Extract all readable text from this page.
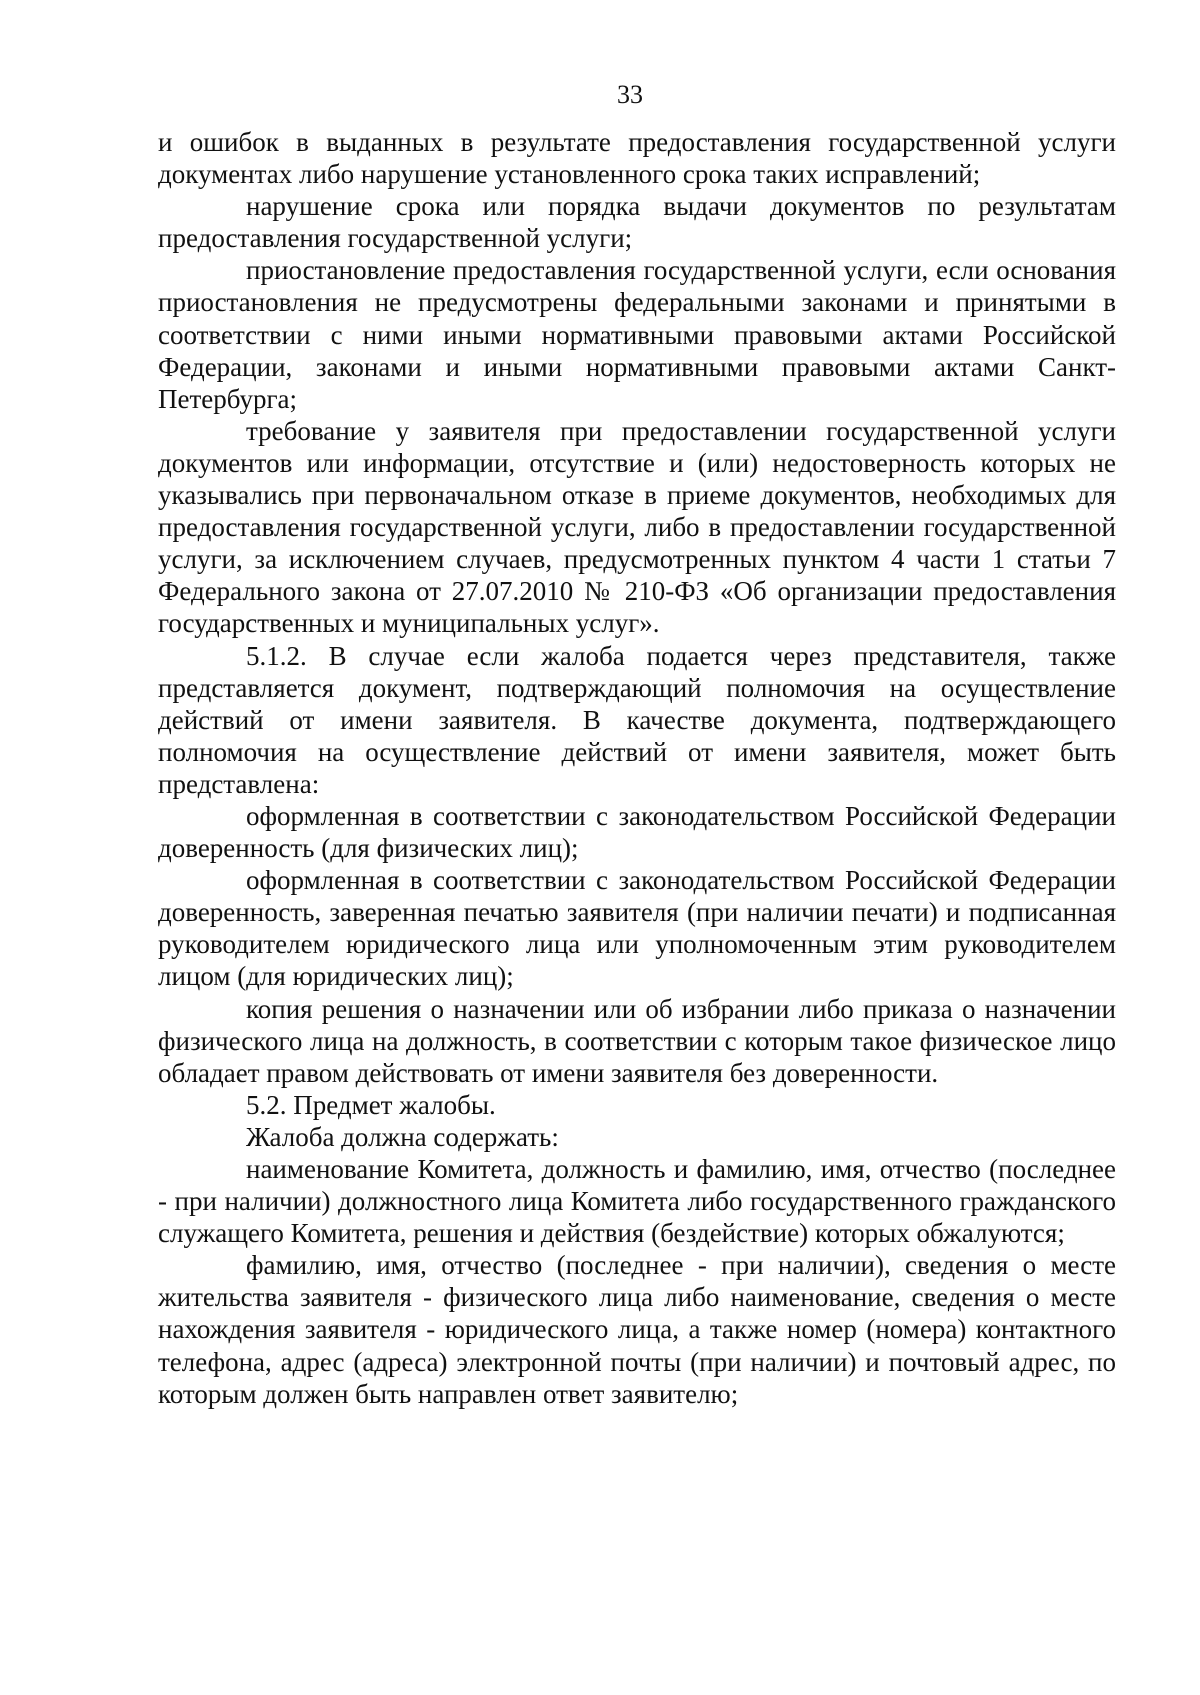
33

и ошибок в выданных в результате предоставления государственной услуги документах либо нарушение установленного срока таких исправлений;

нарушение срока или порядка выдачи документов по результатам предоставления государственной услуги;

приостановление предоставления государственной услуги, если основания приостановления не предусмотрены федеральными законами и принятыми в соответствии с ними иными нормативными правовыми актами Российской Федерации, законами и иными нормативными правовыми актами Санкт-Петербурга;

требование у заявителя при предоставлении государственной услуги документов или информации, отсутствие и (или) недостоверность которых не указывались при первоначальном отказе в приеме документов, необходимых для предоставления государственной услуги, либо в предоставлении государственной услуги, за исключением случаев, предусмотренных пунктом 4 части 1 статьи 7 Федерального закона от 27.07.2010 № 210-ФЗ «Об организации предоставления государственных и муниципальных услуг».

5.1.2. В случае если жалоба подается через представителя, также представляется документ, подтверждающий полномочия на осуществление действий от имени заявителя. В качестве документа, подтверждающего полномочия на осуществление действий от имени заявителя, может быть представлена:

оформленная в соответствии с законодательством Российской Федерации доверенность (для физических лиц);

оформленная в соответствии с законодательством Российской Федерации доверенность, заверенная печатью заявителя (при наличии печати) и подписанная руководителем юридического лица или уполномоченным этим руководителем лицом (для юридических лиц);

копия решения о назначении или об избрании либо приказа о назначении физического лица на должность, в соответствии с которым такое физическое лицо обладает правом действовать от имени заявителя без доверенности.

5.2. Предмет жалобы.

Жалоба должна содержать:

наименование Комитета, должность и фамилию, имя, отчество (последнее - при наличии) должностного лица Комитета либо государственного гражданского служащего Комитета, решения и действия (бездействие) которых обжалуются;

фамилию, имя, отчество (последнее - при наличии), сведения о месте жительства заявителя - физического лица либо наименование, сведения о месте нахождения заявителя - юридического лица, а также номер (номера) контактного телефона, адрес (адреса) электронной почты (при наличии) и почтовый адрес, по которым должен быть направлен ответ заявителю;
